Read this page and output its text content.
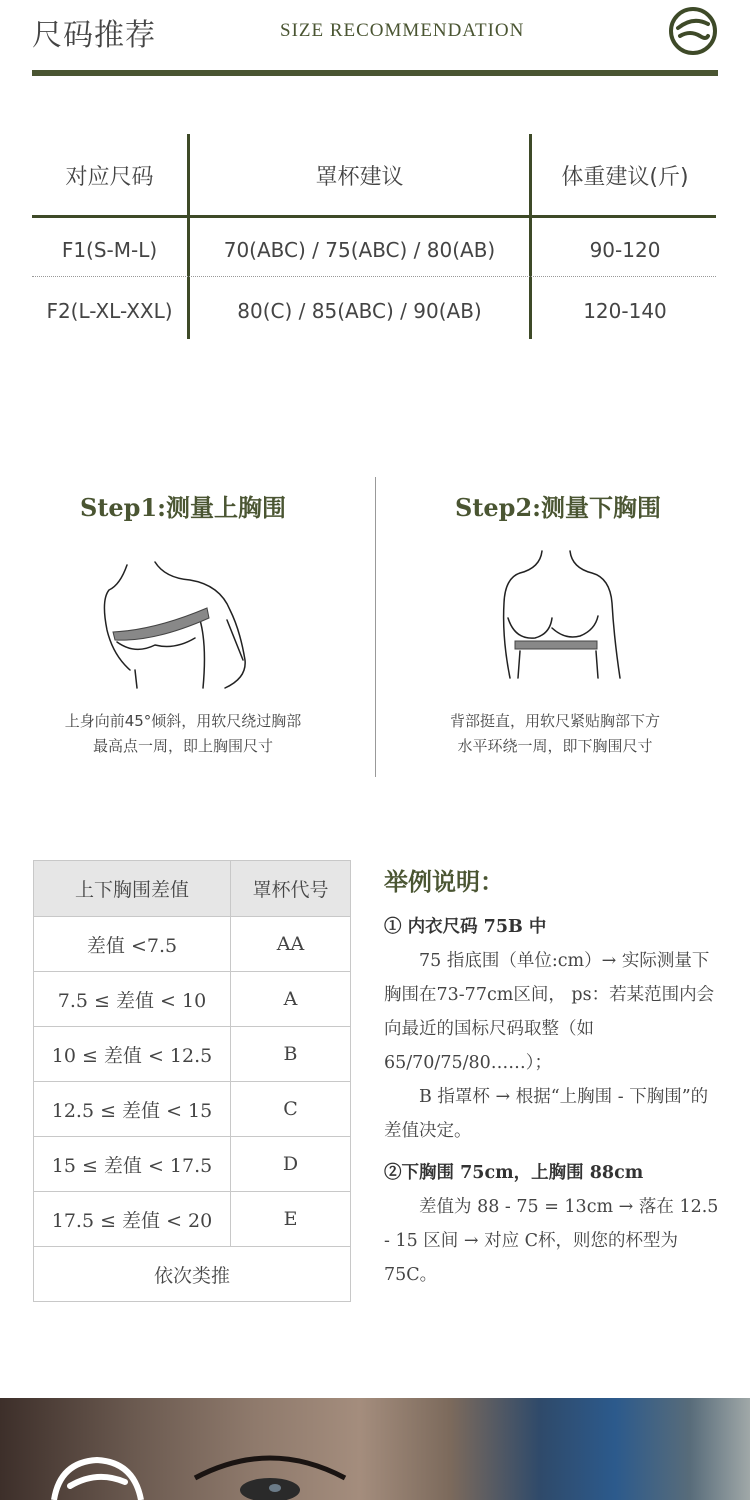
尺码推荐	SIZE RECOMMENDATION
对应尺码	罩杯建议	体重建议(斤)
F1(S-M-L)	70(ABC) / 75(ABC) / 80(AB)	90-120
F2(L-XL-XXL)	80(C) / 85(ABC) / 90(AB)	120-140
Step1:测量上胸围
上身向前45°倾斜，用软尺绕过胸部
最高点一周，即上胸围尺寸
Step2:测量下胸围
背部挺直，用软尺紧贴胸部下方
水平环绕一周，即下胸围尺寸
上下胸围差值	罩杯代号
差值 <7.5	AA
7.5 ≤ 差值 < 10	A
10 ≤ 差值 < 12.5	B
12.5 ≤ 差值 < 15	C
15 ≤ 差值 < 17.5	D
17.5 ≤ 差值 < 20	E
依次类推	
举例说明：
① 内衣尺码 75B 中
75 指底围（单位:cm）→ 实际测量下胸围在73-77cm区间， ps：若某范围内会向最近的国标尺码取整（如65/70/75/80……）；
B 指罩杯 → 根据“上胸围 - 下胸围”的差值决定。
②下胸围 75cm，上胸围 88cm
差值为 88 - 75 = 13cm → 落在 12.5 - 15 区间 → 对应 C杯，则您的杯型为75C。
